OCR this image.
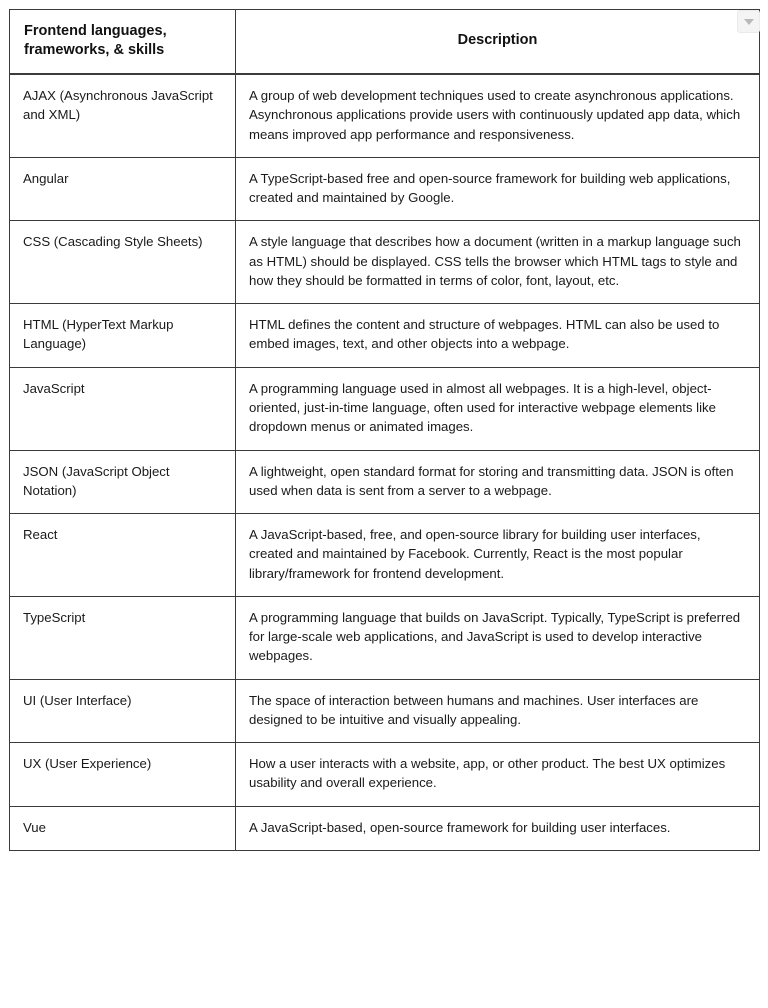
Frontend languages, frameworks, & skills	Description
AJAX (Asynchronous JavaScript and XML)	A group of web development techniques used to create asynchronous applications. Asynchronous applications provide users with continuously updated app data, which means improved app performance and responsiveness.
Angular	A TypeScript-based free and open-source framework for building web applications, created and maintained by Google.
CSS (Cascading Style Sheets)	A style language that describes how a document (written in a markup language such as HTML) should be displayed. CSS tells the browser which HTML tags to style and how they should be formatted in terms of color, font, layout, etc.
HTML (HyperText Markup Language)	HTML defines the content and structure of webpages. HTML can also be used to embed images, text, and other objects into a webpage.
JavaScript	A programming language used in almost all webpages. It is a high-level, object-oriented, just-in-time language, often used for interactive webpage elements like dropdown menus or animated images.
JSON (JavaScript Object Notation)	A lightweight, open standard format for storing and transmitting data. JSON is often used when data is sent from a server to a webpage.
React	A JavaScript-based, free, and open-source library for building user interfaces, created and maintained by Facebook. Currently, React is the most popular library/framework for frontend development.
TypeScript	A programming language that builds on JavaScript. Typically, TypeScript is preferred for large-scale web applications, and JavaScript is used to develop interactive webpages.
UI (User Interface)	The space of interaction between humans and machines. User interfaces are designed to be intuitive and visually appealing.
UX (User Experience)	How a user interacts with a website, app, or other product. The best UX optimizes usability and overall experience.
Vue	A JavaScript-based, open-source framework for building user interfaces.
